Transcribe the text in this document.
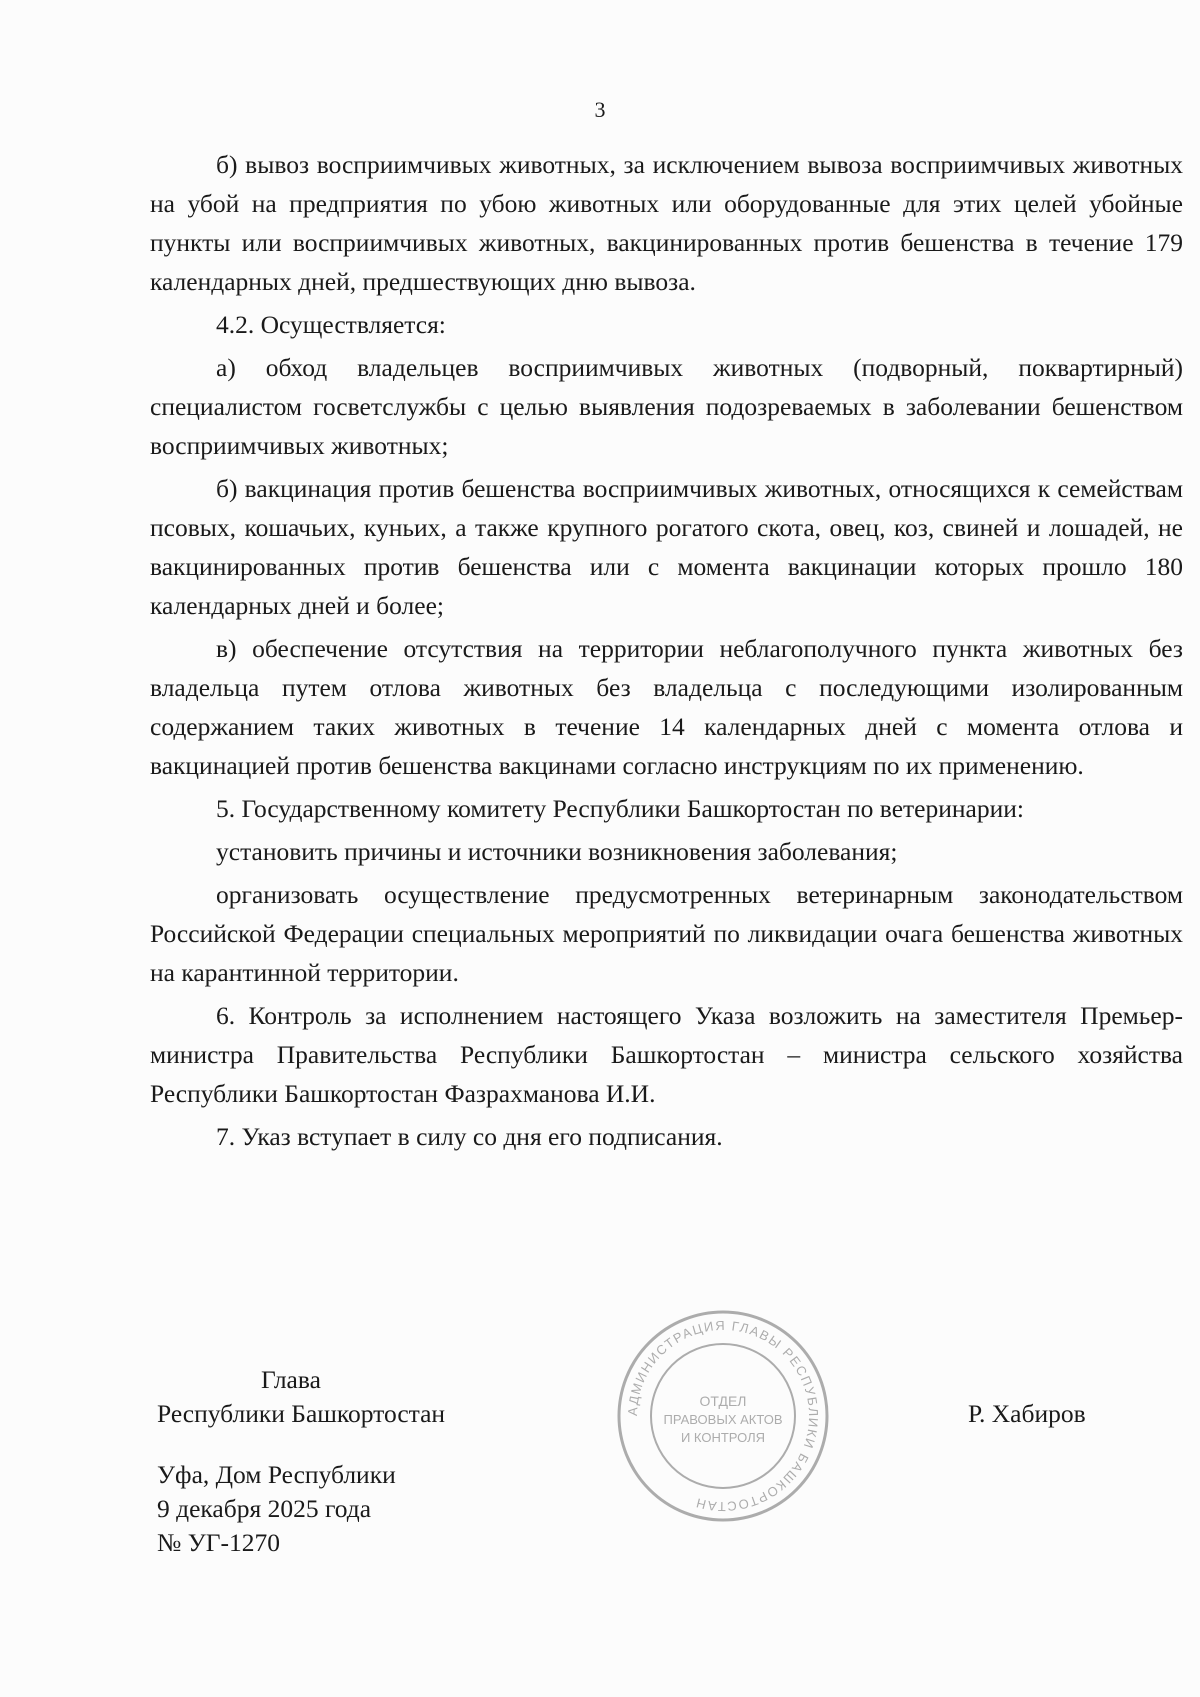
3

б) вывоз восприимчивых животных, за исключением вывоза восприимчивых животных на убой на предприятия по убою животных или оборудованные для этих целей убойные пункты или восприимчивых животных, вакцинированных против бешенства в течение 179 календарных дней, предшествующих дню вывоза.

4.2. Осуществляется:

а) обход владельцев восприимчивых животных (подворный, поквартирный) специалистом госветслужбы с целью выявления подозреваемых в заболевании бешенством восприимчивых животных;

б) вакцинация против бешенства восприимчивых животных, относящихся к семействам псовых, кошачьих, куньих, а также крупного рогатого скота, овец, коз, свиней и лошадей, не вакцинированных против бешенства или с момента вакцинации которых прошло 180 календарных дней и более;

в) обеспечение отсутствия на территории неблагополучного пункта животных без владельца путем отлова животных без владельца с последующими изолированным содержанием таких животных в течение 14 календарных дней с момента отлова и вакцинацией против бешенства вакцинами согласно инструкциям по их применению.

5. Государственному комитету Республики Башкортостан по ветеринарии:

установить причины и источники возникновения заболевания;

организовать осуществление предусмотренных ветеринарным законодательством Российской Федерации специальных мероприятий по ликвидации очага бешенства животных на карантинной территории.

6. Контроль за исполнением настоящего Указа возложить на заместителя Премьер-министра Правительства Республики Башкортостан – министра сельского хозяйства Республики Башкортостан Фазрахманова И.И.

7. Указ вступает в силу со дня его подписания.

Глава
Республики Башкортостан	Р. Хабиров
Уфа, Дом Республики
9 декабря 2025 года
№ УГ-1270
АДМИНИСТРАЦИЯ ГЛАВЫ РЕСПУБЛИКИ БАШКОРТОСТАН
ОТДЕЛ
ПРАВОВЫХ АКТОВ
И КОНТРОЛЯ
